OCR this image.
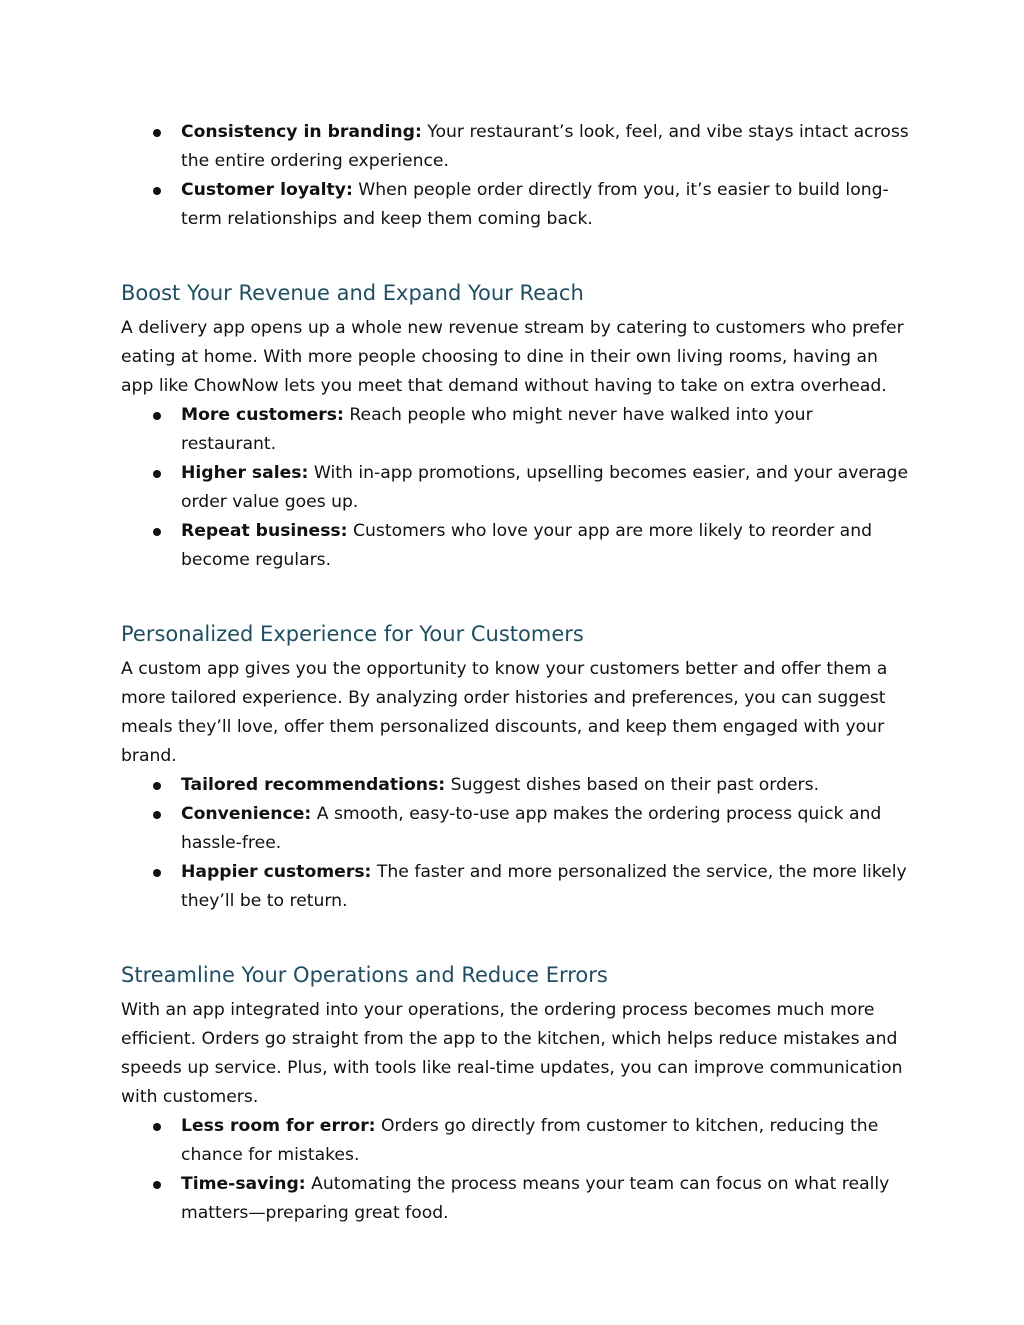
Consistency in branding: Your restaurant’s look, feel, and vibe stays intact across the entire ordering experience.
Customer loyalty: When people order directly from you, it’s easier to build long-term relationships and keep them coming back.
Boost Your Revenue and Expand Your Reach

A delivery app opens up a whole new revenue stream by catering to customers who prefer eating at home. With more people choosing to dine in their own living rooms, having an app like ChowNow lets you meet that demand without having to take on extra overhead.

More customers: Reach people who might never have walked into your restaurant.
Higher sales: With in-app promotions, upselling becomes easier, and your average order value goes up.
Repeat business: Customers who love your app are more likely to reorder and become regulars.
Personalized Experience for Your Customers

A custom app gives you the opportunity to know your customers better and offer them a more tailored experience. By analyzing order histories and preferences, you can suggest meals they’ll love, offer them personalized discounts, and keep them engaged with your brand.

Tailored recommendations: Suggest dishes based on their past orders.
Convenience: A smooth, easy-to-use app makes the ordering process quick and hassle-free.
Happier customers: The faster and more personalized the service, the more likely they’ll be to return.
Streamline Your Operations and Reduce Errors

With an app integrated into your operations, the ordering process becomes much more efficient. Orders go straight from the app to the kitchen, which helps reduce mistakes and speeds up service. Plus, with tools like real-time updates, you can improve communication with customers.

Less room for error: Orders go directly from customer to kitchen, reducing the chance for mistakes.
Time-saving: Automating the process means your team can focus on what really matters—preparing great food.
